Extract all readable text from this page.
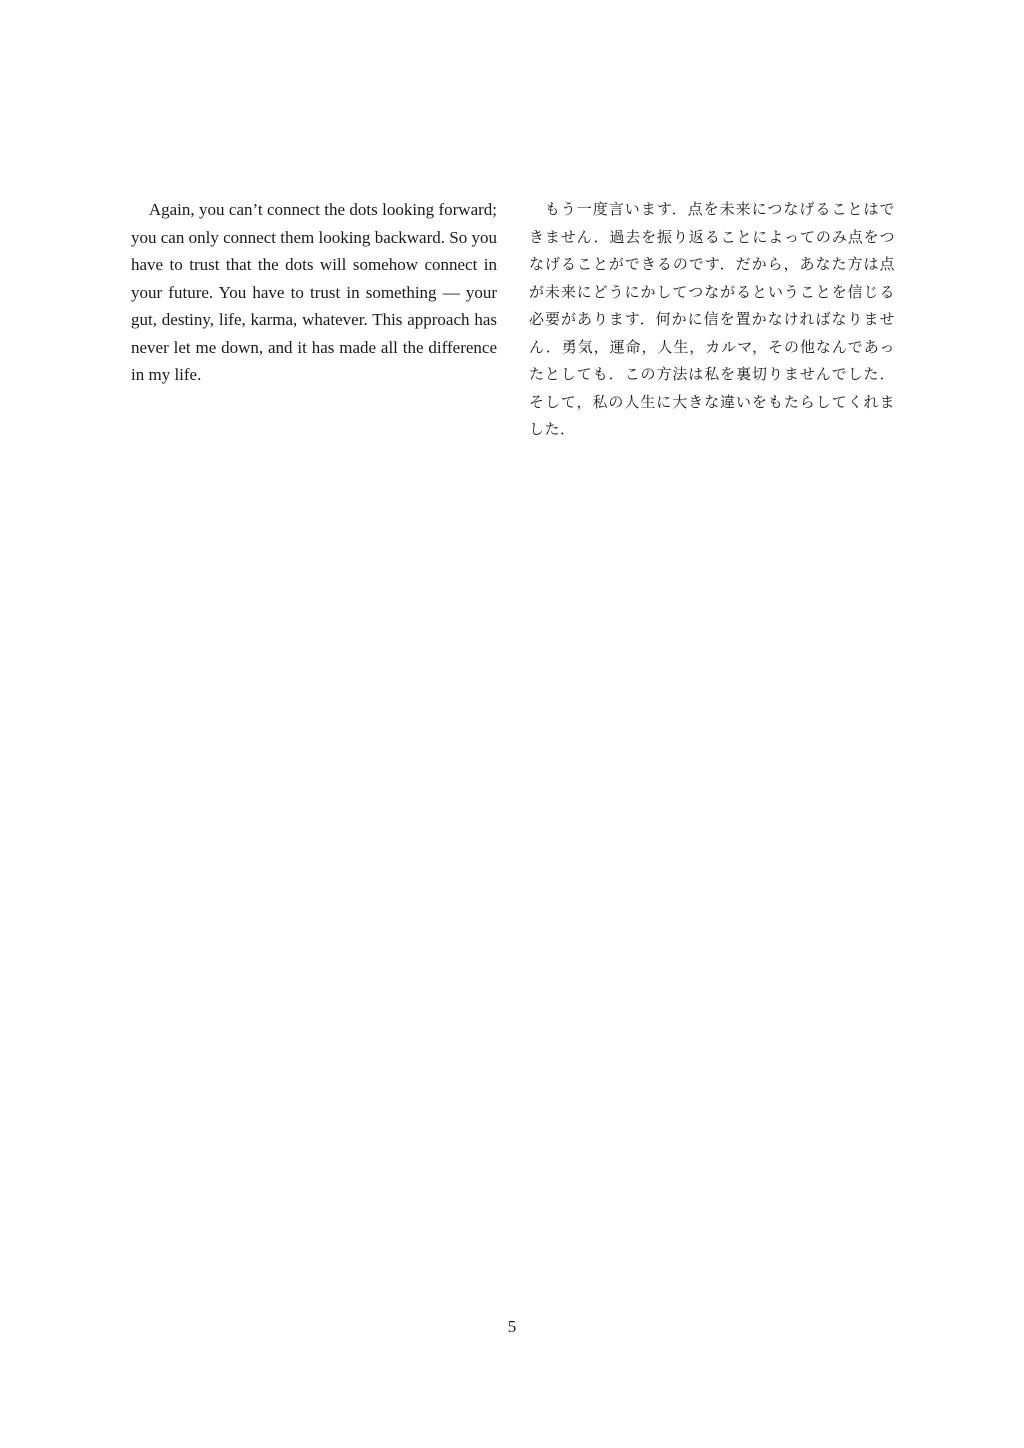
Again, you can’t connect the dots looking forward; you can only connect them looking backward. So you have to trust that the dots will somehow connect in your future. You have to trust in something — your gut, destiny, life, karma, whatever. This approach has never let me down, and it has made all the difference in my life.

もう一度言います．点を未来につなげることはできません．過去を振り返ることによってのみ点をつなげることができるのです．だから，あなた方は点が未来にどうにかしてつながるということを信じる必要があります．何かに信を置かなければなりません．勇気，運命，人生，カルマ，その他なんであったとしても．この方法は私を裏切りませんでした．そして，私の人生に大きな違いをもたらしてくれました．

5
